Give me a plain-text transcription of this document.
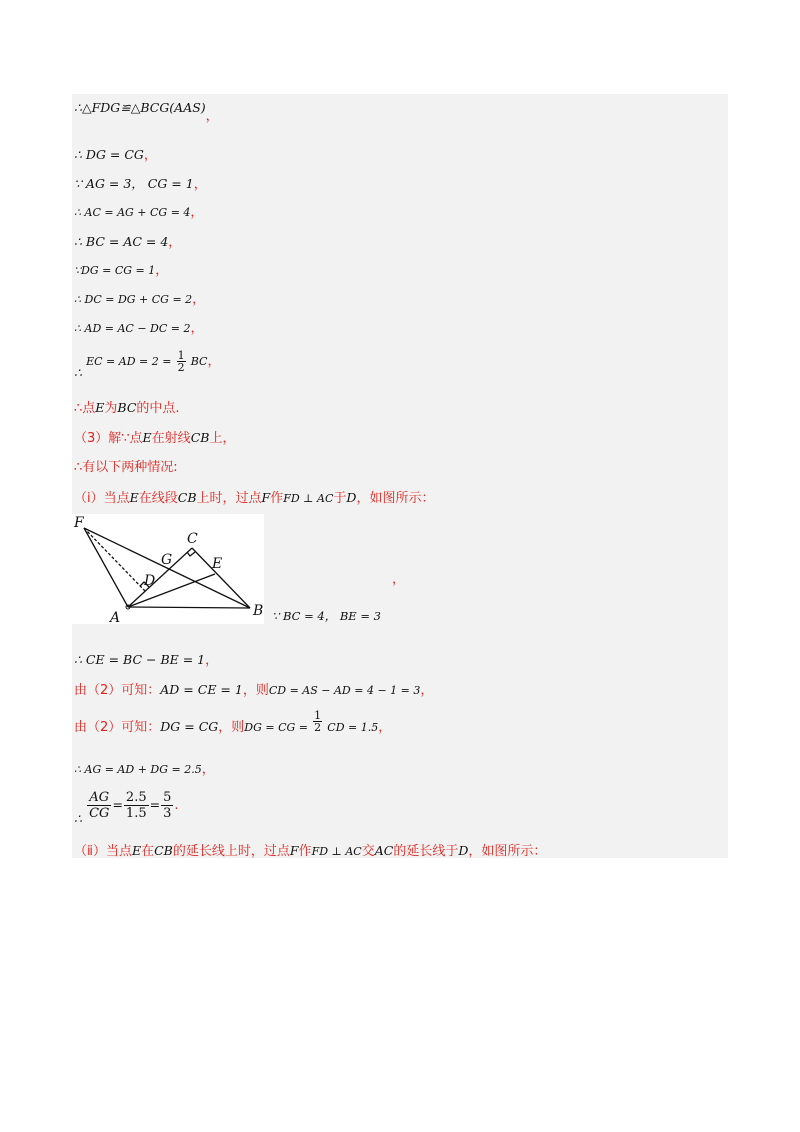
∴△FDG≌△BCG(AAS)，
∴ DG = CG，
∵ AG = 3， CG = 1，
∴ AC = AG + CG = 4，
∴ BC = AC = 4，
∵DG = CG = 1，
∴ DC = DG + CG = 2，
∴ AD = AC − DC = 2，
∴ EC = AD = $2 = \frac{1}{2}$ BC，
∴点E为BC的中点.
（3）解∵点E在射线CB上，
∴有以下两种情况:
（ⅰ）当点E在线段CB上时，过点F作FD ⊥ AC于D，如图所示：
F
C
G	E
D
A	B
，
∵ BC = 4， BE = 3
∴ CE = BC − BE = 1，
由（2）可知：AD = CE = 1，则CD = AS − AD = 4 − 1 = 3，
由（2）可知：DG = CG，则DG = CG = $\frac{1}{2}$ CD = 1.5，
∴ AG = AD + DG = 2.5，
∴ $\frac{AG}{CG} = \frac{2.5}{1.5} = \frac{5}{3}$ .
（ⅱ）当点E在CB的延长线上时，过点F作FD ⊥ AC交AC的延长线于D，如图所示：
